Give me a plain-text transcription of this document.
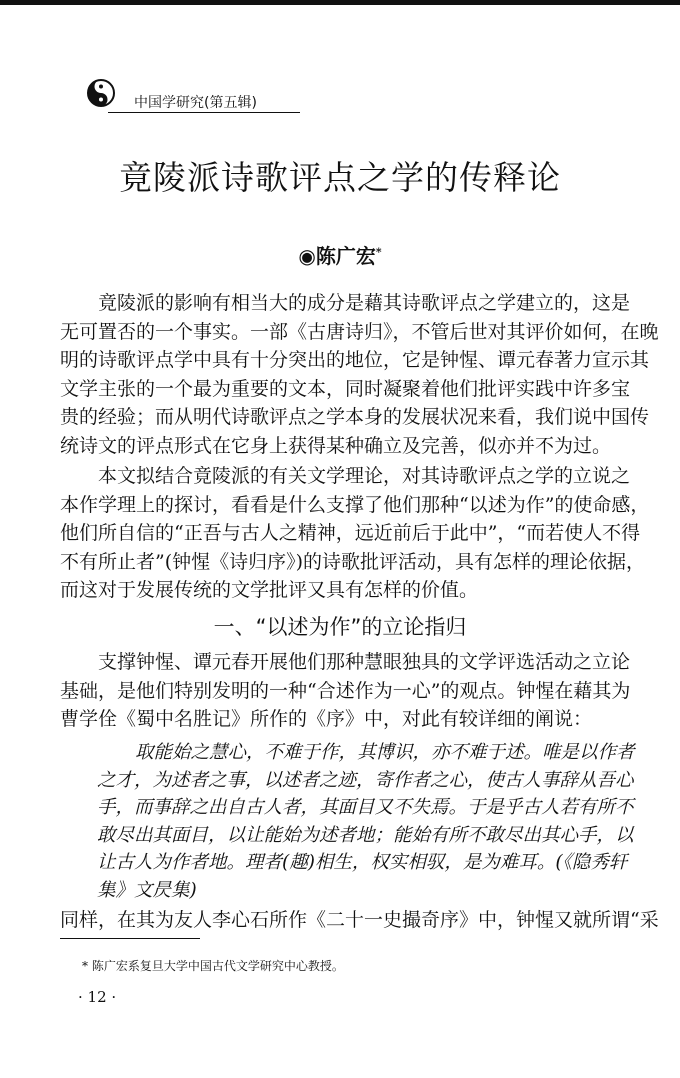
中国学研究(第五辑)
竟陵派诗歌评点之学的传释论
◉陈广宏*
竟陵派的影响有相当大的成分是藉其诗歌评点之学建立的，这是
无可置否的一个事实。一部《古唐诗归》，不管后世对其评价如何，在晚
明的诗歌评点学中具有十分突出的地位，它是钟惺、谭元春著力宣示其
文学主张的一个最为重要的文本，同时凝聚着他们批评实践中许多宝
贵的经验；而从明代诗歌评点之学本身的发展状况来看，我们说中国传
统诗文的评点形式在它身上获得某种确立及完善，似亦并不为过。
本文拟结合竟陵派的有关文学理论，对其诗歌评点之学的立说之
本作学理上的探讨，看看是什么支撑了他们那种“以述为作”的使命感，
他们所自信的“正吾与古人之精神，远近前后于此中”，“而若使人不得
不有所止者”(钟惺《诗归序》)的诗歌批评活动，具有怎样的理论依据，
而这对于发展传统的文学批评又具有怎样的价值。
一、“以述为作”的立论指归
支撑钟惺、谭元春开展他们那种慧眼独具的文学评选活动之立论
基础，是他们特别发明的一种“合述作为一心”的观点。钟惺在藉其为
曹学佺《蜀中名胜记》所作的《序》中，对此有较详细的阐说：
取能始之慧心，不难于作，其博识，亦不难于述。唯是以作者
之才，为述者之事，以述者之迹，寄作者之心，使古人事辞从吾心
手，而事辞之出自古人者，其面目又不失焉。于是乎古人若有所不
敢尽出其面目，以让能始为述者地；能始有所不敢尽出其心手，以
让古人为作者地。理者(趣)相生，权实相驭，是为难耳。(《隐秀轩
集》文昃集)
同样，在其为友人李心石所作《二十一史撮奇序》中，钟惺又就所谓“采
* 陈广宏系复旦大学中国古代文学研究中心教授。
· 12 ·
